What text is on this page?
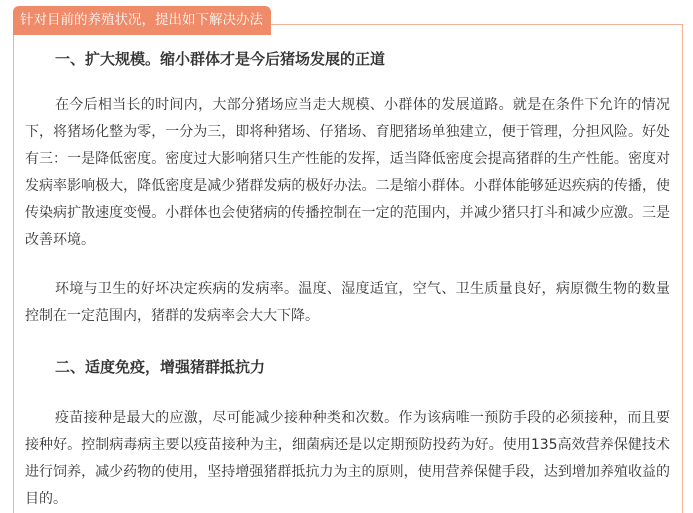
针对目前的养殖状况，提出如下解决办法
一、扩大规模。缩小群体才是今后猪场发展的正道

在今后相当长的时间内，大部分猪场应当走大规模、小群体的发展道路。就是在条件下允许的情况下，将猪场化整为零，一分为三，即将种猪场、仔猪场、育肥猪场单独建立，便于管理，分担风险。好处有三：一是降低密度。密度过大影响猪只生产性能的发挥，适当降低密度会提高猪群的生产性能。密度对发病率影响极大，降低密度是减少猪群发病的极好办法。二是缩小群体。小群体能够延迟疾病的传播，使传染病扩散速度变慢。小群体也会使猪病的传播控制在一定的范围内，并减少猪只打斗和减少应激。三是改善环境。

环境与卫生的好坏决定疾病的发病率。温度、湿度适宜，空气、卫生质量良好，病原微生物的数量控制在一定范围内，猪群的发病率会大大下降。

二、适度免疫，增强猪群抵抗力

疫苗接种是最大的应激，尽可能减少接种种类和次数。作为该病唯一预防手段的必须接种，而且要接种好。控制病毒病主要以疫苗接种为主，细菌病还是以定期预防投药为好。使用135高效营养保健技术进行饲养，减少药物的使用，坚持增强猪群抵抗力为主的原则，使用营养保健手段，达到增加养殖收益的目的。
